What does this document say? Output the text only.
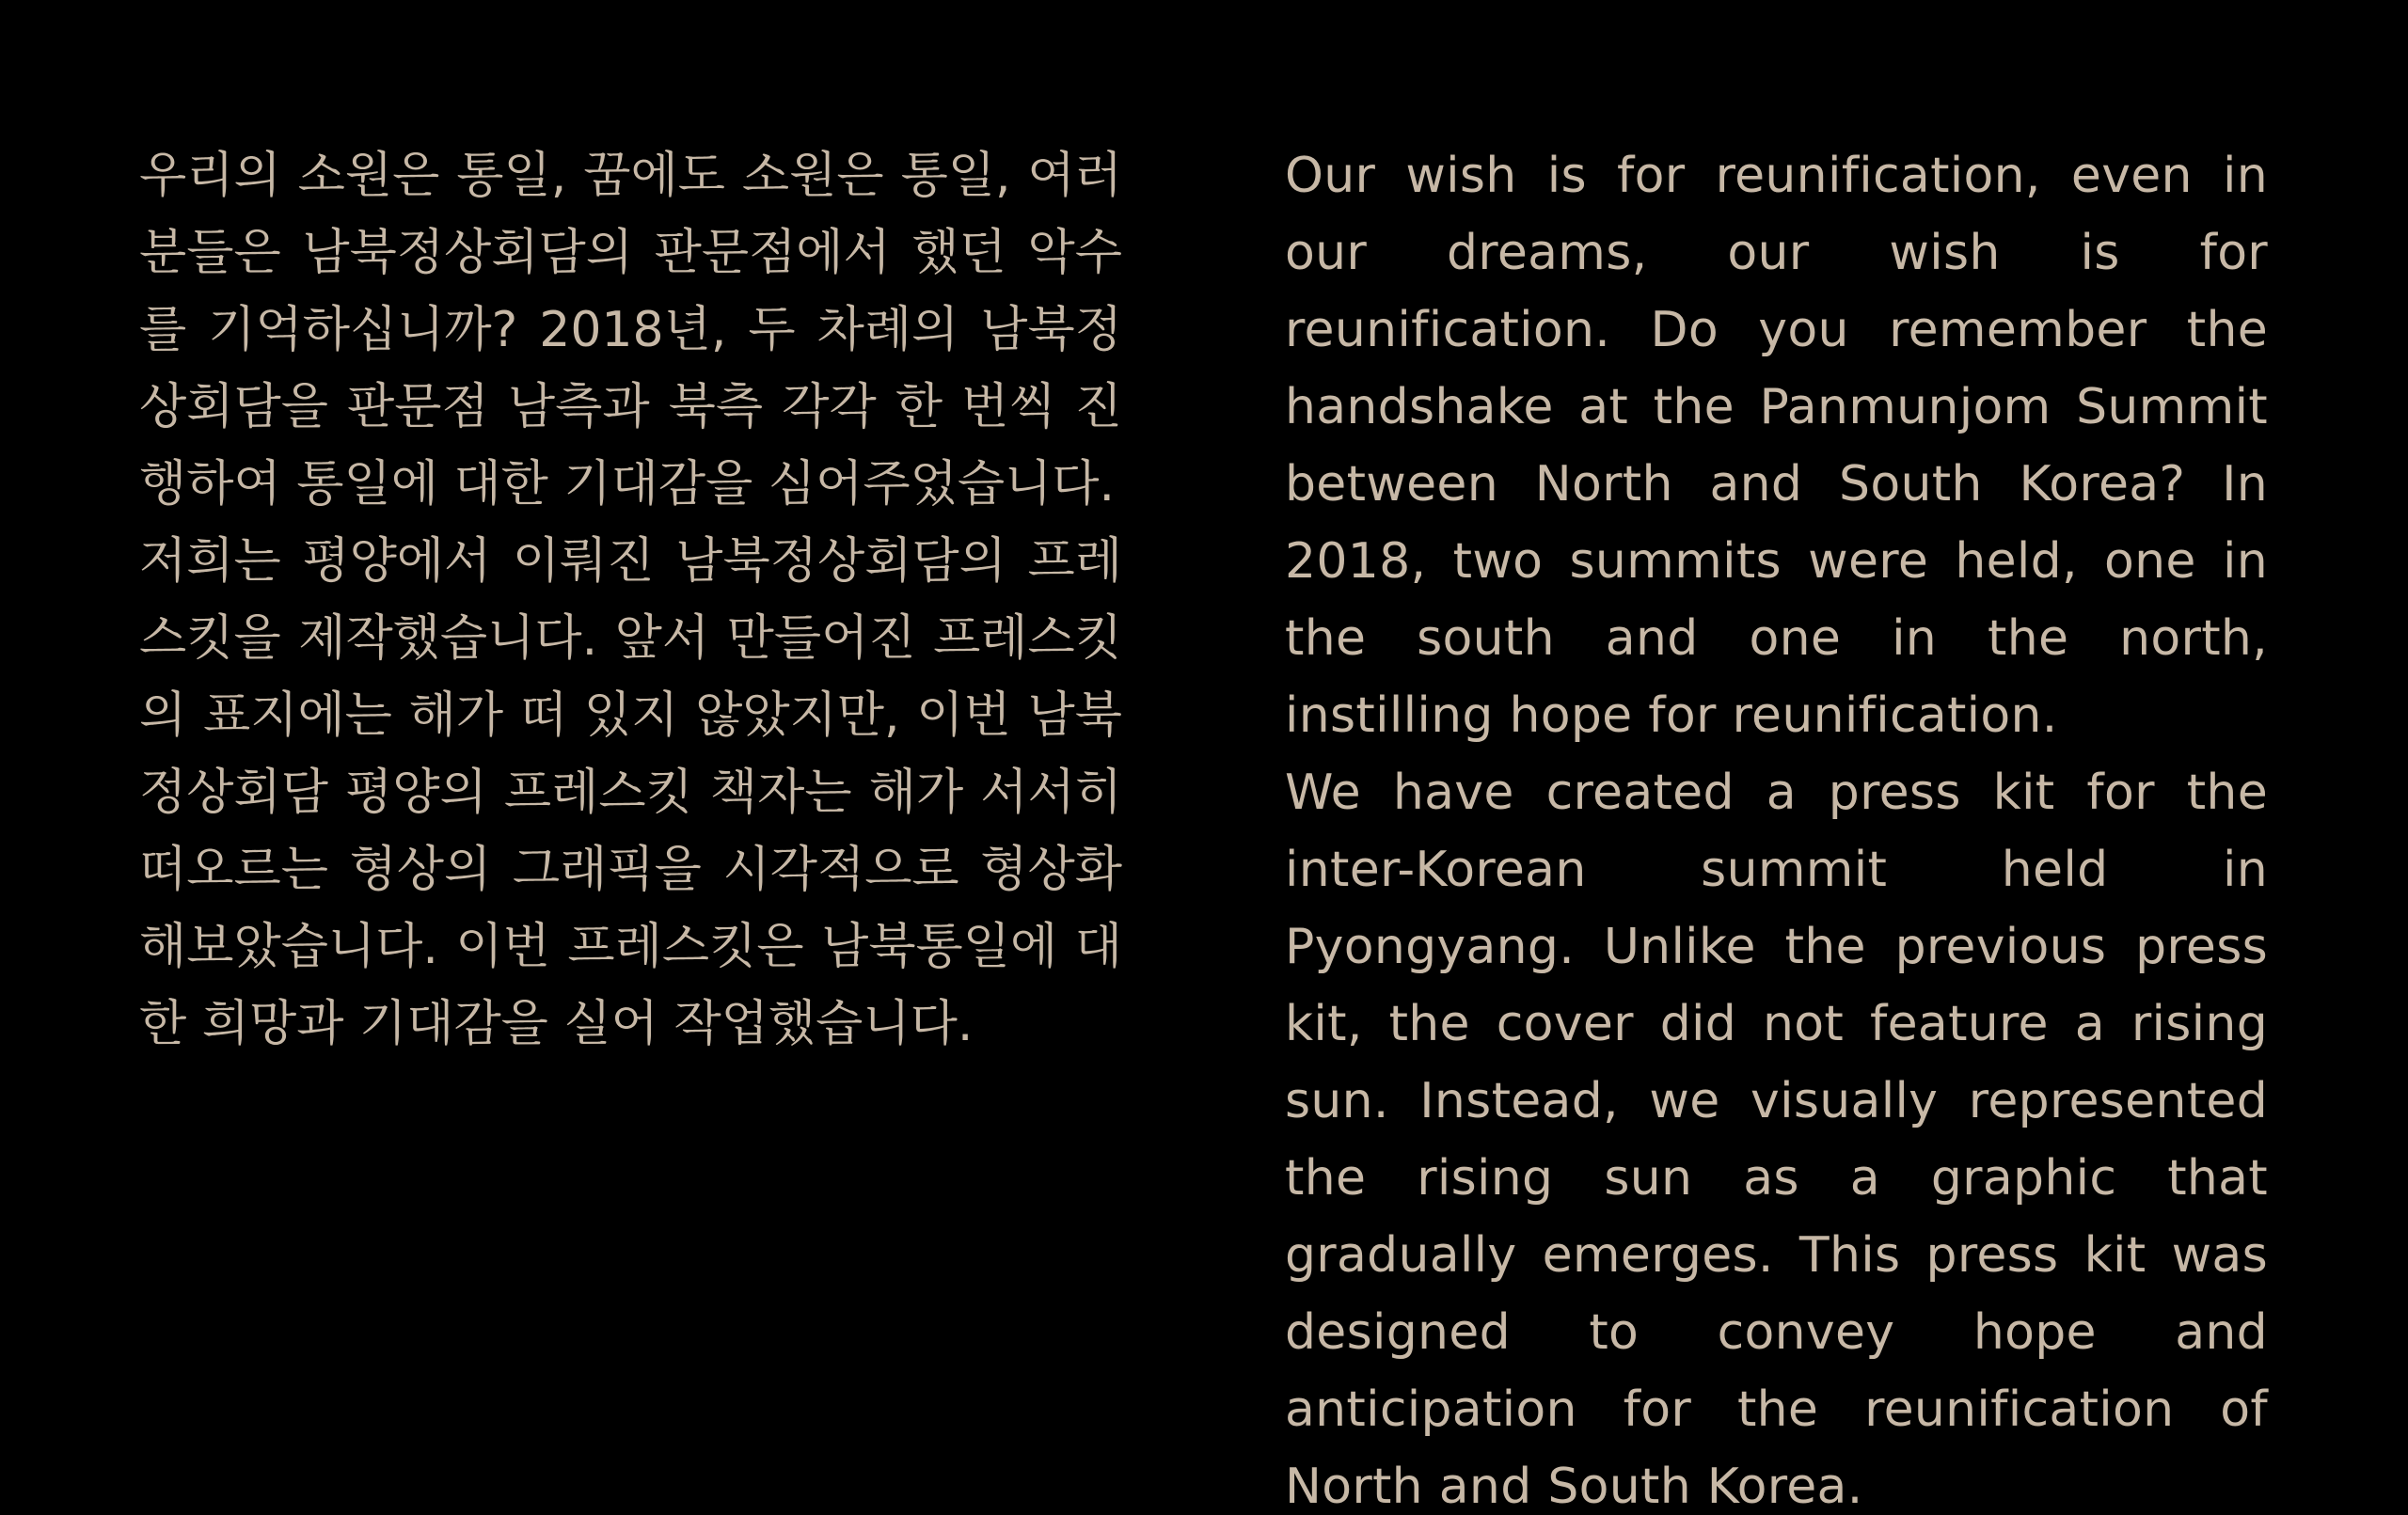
우리의 소원은 통일, 꿈에도 소원은 통일, 여러분들은 남북정상회담의 판문점에서 했던 악수를 기억하십니까? 2018년, 두 차례의 남북정상회담을 판문점 남측과 북측 각각 한 번씩 진행하여 통일에 대한 기대감을 심어주었습니다.

저희는 평양에서 이뤄진 남북정상회담의 프레스킷을 제작했습니다. 앞서 만들어진 프레스킷의 표지에는 해가 떠 있지 않았지만, 이번 남북정상회담 평양의 프레스킷 책자는 해가 서서히 떠오르는 형상의 그래픽을 시각적으로 형상화해보았습니다. 이번 프레스킷은 남북통일에 대한 희망과 기대감을 실어 작업했습니다.

Our wish is for reunification, even in our dreams, our wish is for reunification. Do you remember the handshake at the Panmunjom Summit between North and South Korea? In 2018, two summits were held, one in the south and one in the north, instilling hope for reunification.

We have created a press kit for the inter-Korean summit held in Pyongyang. Unlike the previous press kit, the cover did not feature a rising sun. Instead, we visually represented the rising sun as a graphic that gradually emerges. This press kit was designed to convey hope and anticipation for the reunification of North and South Korea.
